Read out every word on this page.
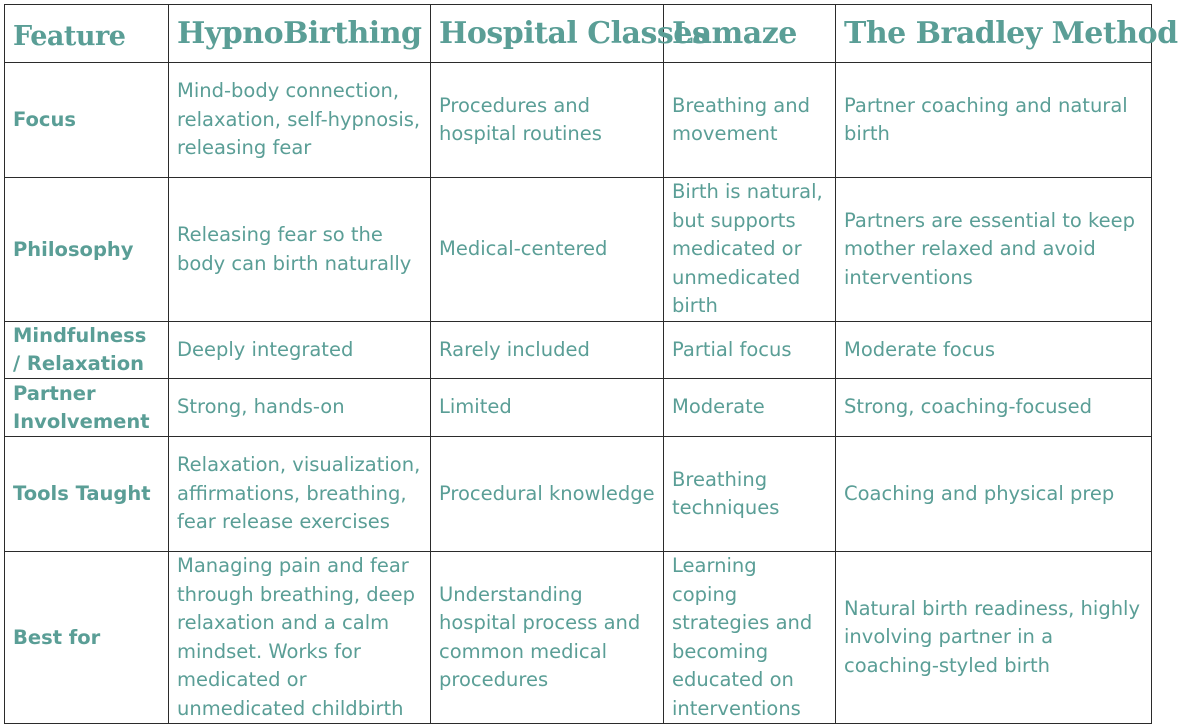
Feature	HypnoBirthing	Hospital Classes	Lamaze	The Bradley Method
Focus	Mind-body connection, relaxation, self-hypnosis, releasing fear	Procedures and hospital routines	Breathing and movement	Partner coaching and natural birth
Philosophy	Releasing fear so the body can birth naturally	Medical-centered	Birth is natural, but supports medicated or unmedicated birth	Partners are essential to keep mother relaxed and avoid interventions
Mindfulness / Relaxation	Deeply integrated	Rarely included	Partial focus	Moderate focus
Partner Involvement	Strong, hands-on	Limited	Moderate	Strong, coaching-focused
Tools Taught	Relaxation, visualization, affirmations, breathing, fear release exercises	Procedural knowledge	Breathing techniques	Coaching and physical prep
Best for	Managing pain and fear through breathing, deep relaxation and a calm mindset. Works for medicated or unmedicated childbirth	Understanding hospital process and common medical procedures	Learning coping strategies and becoming educated on interventions	Natural birth readiness, highly involving partner in a coaching-styled birth
